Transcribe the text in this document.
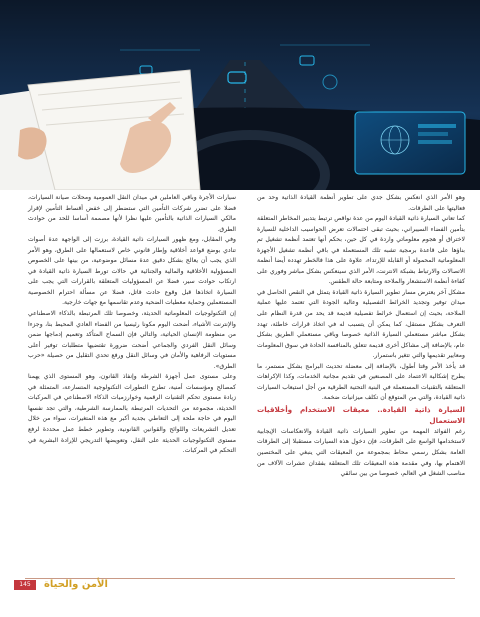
وهو الأمر الذي انعكس بشكل جدي على تطوير أنظمة القيادة الذاتية وحد من فعاليتها على الطرقات.

كما تعاني السيارة ذاتية القيادة اليوم من عدة نواقص ترتبط بتدبير المخاطر المتعلقة بتأمين الفضاء السيبراني، بحيث تبقى احتمالات تعرض الحواسيب الداخلية للسيارة لاختراق أو هجوم معلوماتي واردة في كل حين، بحكم أنها تعتمد أنظمة تشغيل تم بناؤها على قاعدة برمجية تشبه تلك المستعملة في باقي أنظمة تشغيل الأجهزة المعلوماتية المحمولة أو القابلة للإرتداء، علاوة على هذا فالخطر تهدده أيضا أنظمة الاتصالات والارتباط بشبكة الانترنت، الأمر الذي سينعكس بشكل مباشر وفوري على كفاءة أنظمة الاستشعار والملاحة ومتابعة حالة الطقس.

مشكل آخر يعترض مسار تطوير السيارة ذاتية القيادة يتمثل في النقص الحاصل في ميدان توفير وتجديد الخرائط التفصيلية وعالية الجودة التي تعتمد عليها عملية الملاحة، بحيث إن استعمال خرائط تفصيلية قديمة قد يحد من قدرة النظام على التعرف بشكل مستقل، كما يمكن أن يتسبب له في اتخاذ قرارات خاطئة، تهدد بشكل مباشر مستعملي السيارة الذاتية خصوصا وباقي مستعملي الطريق بشكل عام، بالإضافة إلى مشاكل أخرى قديمة تتعلق بالمنافسة الحادة في سوق المعلومات ومعايير تقديمها والتي تتغير باستمرار.

قد يأخذ الأمر وقتا أطول، بالإضافة إلى معضلة تحديث البرامج بشكل مستمر، ما يطرح إشكالية الاعتماد على المصنعين في تقديم مجانية الخدمات، وكذا الإكراهات المتعلقة بالتقنيات المستعملة في البنية التحتية الطرقية من أجل استيعاب السيارات ذاتية القيادة، والتي من المتوقع أن تكلف ميزانيات ضخمة.

السيارة ذاتية القيادة.. معيقات الاستخدام وأخلاقيات الاستعمال

رغم الفوائد المهمة من تطوير السيارات ذاتية القيادة والانعكاسات الإيجابية لاستخدامها الواسع على الطرقات، فإن دخول هذه السيارات مستقبلا إلى الطرقات العامة بشكل رسمي محاط بمجموعة من المعيقات التي ينبغي على المختصين الاهتمام بها، وفي مقدمة هذه المعيقات تلك المتعلقة بفقدان عشرات الآلاف من مناصب الشغل في العالم، خصوصا من بين سائقي

سيارات الأجرة وباقي العاملين في ميدان النقل العمومية ومحلات صيانة السيارات، فضلا على تضرر شركات التأمين التي ستضطر إلى خفض أقساط التأمين لإقرار مالكي السيارات الذاتية بالتأمين عليها نظرا لأنها مصممة أساسا للحد من حوادث الطرق.

وفي المقابل، ومع ظهور السيارات ذاتية القيادة، برزت إلى الواجهة عدة أصوات تنادي بوضع قواعد أخلاقية وإطار قانوني خاص لاستعمالها على الطرق، وهو الأمر الذي يجب أن يعالج بشكل دقيق عدة مسائل موضوعية، من بينها على الخصوص المسؤولية الأخلاقية والمالية والجنائية في حالات تورط السيارة ذاتية القيادة في ارتكاب حوادث سير، فضلا عن المسؤوليات المتعلقة بالقرارات التي يجب على السيارة اتخاذها قبل وقوع حادث قاتل، فضلا عن مسألة احترام الخصوصية المستعملين وحماية معطيات الضحية وعدم تقاسمها مع جهات خارجية.

إن التكنولوجيات المعلوماتية الحديثة، وخصوصا تلك المرتبطة بالذكاء الاصطناعي والإنترنت الأشياء، أضحت اليوم مكونا رئيسيا من الفضاء العادي المحيط بنا، وجزءا من منظومة الإنسان الحياتية، والتالي فإن السماح المتأكد وتعميم إدماجها ضمن وسائل النقل الفردي والجماعي أضحت ضرورة تقتضيها متطلبات توفير أعلى مستويات الرفاهية والأمان في وسائل النقل ورفع تحدي التقليل من حصيلة «حرب الطرق».

وعلى مستوى عمل أجهزة الشرطة وإنفاذ القانون، وهو المستوى الذي يهمنا كمصالح ومؤسسات أمنية، تطرح التطورات التكنولوجية المتسارعة، المتمثلة في زيادة مستوى تحكم التقنيات الرقمية وخوارزميات الذكاء الاصطناعي في المركبات الحديثة، مجموعة من التحديات المرتبطة بالممارسة الشرطية، والتي تجد نفسها اليوم في حاجة ملحة إلى التعاطي بجدية أكبر مع هذه المتغيرات، سواء من خلال تعديل التشريعات واللوائح والقوانين القانونية، وتطوير خطط عمل محددة لرفع مستوى التكنولوجيات الحديثة على النقل، وتعويضها التدريجي للإرادة البشرية في التحكم في المركبات.

145	الأمن والحياة
